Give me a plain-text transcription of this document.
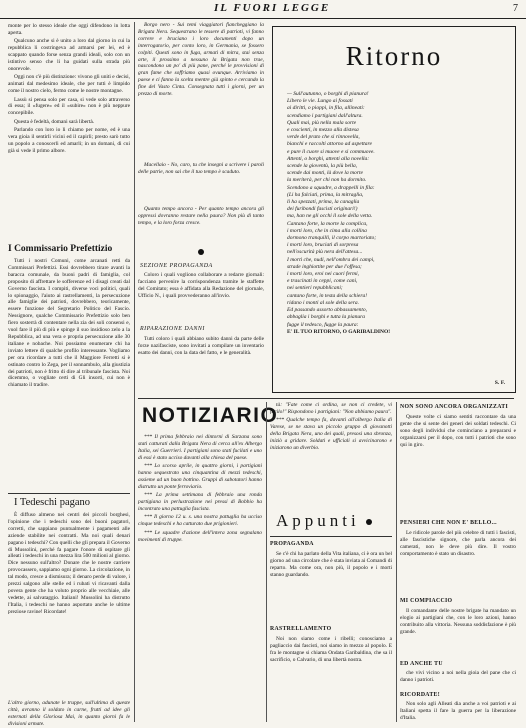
IL FUORI LEGGE	7

monte per lo stesso ideale che oggi difendono in lotta aperta.

Qualcuno anche si è unito a loro dal giorno in cui la repubblica li costringeva ad armarsi per lei, ed è scappato quando forse senza grandi ideali, solo con un istintivo senso che li ha guidati sulla strada più onorevole.

Oggi non c'è più distinzione: vivono gli uniti e decisi, animati dal medesimo ideale, che per tutti è limpido come il nostro cielo, fermo come le nostre montagne.

Lassù si pensa solo per casa, si vede solo attraverso di essa; il «fugere» ed il «subire» non è più neppure concepibile.

Questa è fedeltà, domani sarà libertà.

Parlando con loro io li chiamo per nome, ed è una vera gioia il sentirli vicini ed il capirli; presto sarò tutto un popolo a conoscerli ed amarli; in un domani, di cui già si vede il primo albore.

I Commissario Prefettizio

Tutti i nostri Comuni, come arcanati retti da Commissari Prefettizi. Essi dovrebbero tirare avanti la baracca comunale, da buoni padri di famiglia, col proposito di affrettare le sofferenze ed i disagi creati dal Governo fascista. I compiti, diverse voci politici, quali lo spionaggio, l'aiuto ai rastrellamenti, la persecuzione alle famiglie dei patrioti, dovrebbero, teoricamente, essere funzione del Segretario Politico del Fascio. Nessignore, qualche Commissario Prefettizio solo ben fiero sosterrà di contentare nella zia dei soli consensi e, vuol fare il più di più e spinge il suo insidioso zelo a la Repubblica, ad una vera e propria persecuzione alle 30 italiane e nobache. Noi possiamo enumerare chi ha inviato lettere di qualche profilo interessante. Vogliamo per ora ricordare a tutti che il Maggiore Ferretti si è ostinato contro lo Zega, per il sonnambulo, alla giustizia dei patrioti, non è fritto di dire al tribunale fascista. Noi dicemmo, o vogliate certi di Gli insorti, cui non è chiamato il tradire.

I Tedeschi pagano

È diffuso almeno nei centri dei piccoli borghesi, l'opinione che i tedeschi sono dei buoni pagatori, corretti, che sappiano puntualmente i pagamenti alle aziende stabilite nei contratti. Ma noi quali denari pagano i tedeschi? Con quelli che gli prepara il Governo di Mussolini, perché fa pagare l'onore di ospitare gli alleati i tedeschi in una mezza lira 500 milioni al giorno. Dice nessuno sull'altro? Donare che le nostre carriere provocassero, sappiamo ogni giorno. La circolazione, in tal modo, cresce a dismisura; il denaro perde di valore, i prezzi salgono alle stelle ed i rubati vi ricavanti dalla povera gente che ha voluto proprio alle vecchiaie, alle vedette, ai salvataggio. Italiani! Mussolini ha distrutto l'Italia, i tedeschi ne hanno asportato anche le ultime preziose ravine! Ricordate!

L'altro giorno, adunate le truppe, sull'ultima di queste città, avranno il soldato in carne, frutti ad idee gli esternati della Gloriosa Mai, in quanto giorni fa le divisioni armate.

Borgo nero - Sui temi viaggiatori fiancheggiano la Brigata Nera. Sequestrano le tessere di patrioti, vi fanno correre e bruciano i loro documenti dopo un interrogatorio, per conto loro, in Germania, se fossero colpiti. Questi sono in fuga, armati di mitra, stai senza arte, il prossimo a nessuno la Brigata non trae, nascondono un po' di più pane, perché le provvisioni di gran fame che soffriamo quasi ovunque. Arriviamo in paese e ci fanno la scelta mentre già spinto e cercando la fine del Vasto Cinta. Consegnata tutti i giorni, per un prezzo di morte.

Macellaio - No, caro, tu che insegni a scrivere i paroli delle patrie, non sai che il tuo tempo è scaduto.

Quanto tempo ancora - Per quanto tempo ancora gli oppressi dovranno restare nella paura? Non più di tanto tempo, e la loro forza cresce.

SEZIONE PROPAGANDA

Coloro i quali vogliono collaborare a redarre giornali: facciano pervenire la corrispondenza tramite le staffette del Comitato; essa è affidata alla Redazione del giornale, Ufficio N., i quali provvederanno all'invio.

RIPARAZIONE DANNI

Tutti coloro i quali abbiano subito danni da parte delle forze nazifasciste, sono invitati a compilare un inventario esatto dei danni, con la data del fatto, e le generalità.

Ritorno

— Sull'autunno, o borghi di pianura!

Libero le vie. Lungo ai fossati

ai diritti, o pioppi, in fila, allineati:

scendiamo i partigiani dall'altura.

Quali mai, più nella mala sorte

e coscienti, in mezzo alla distesa

verde del prato che si rinnovella,

bianchi e raccolti attorno ad aspettare

e pure il cuore si muove e si commuove.

Attenti, o borghi, attenti alla novella:

scende la gioventù, la più bella,

scende dai monti, là dove la morte

la meriterà, per chi non ha dormito.

Scendono a squadre, a drappelli in fila:

(Li ha falciati, prima, la mitraglia,

li ha spezzati, prima, la canaglia

dei furibondi fascisti originari!)

ma, han ne gli occhi il sole della vetta.

Cantano forte, la morte la complica,

i morti loro, che in cima alla collina

dormono tranquilli, il corpo martoriato;

i morti loro, bruciati di sorpresa

nell'oscurità più nera dell'attesa...

I morti che, nudi, nell'ombra dei campi,

strade inghiottite per due l'offesa;

i morti loro, eroi nei cuori fermi,

e trascinati in ceppi, come cani,

nei sentieri repubblicani;

cantano forte, in testa della schiera!

ridano i monti al sole della sera.

Ed passando assorto abbassamento,

abbaglia i borghi e tutta la pianura

fugge il tedesco, fugge la paura:

E' IL TUO RITORNO, O GARIBALDINO!

S. F.
NOTIZIARIO

*** Il prima febbraio nei dintorni di Sarzana sono stati catturati dalla Brigata Nera di cerca all'ex Albergo Italia, sei Guerrieri. I partigiani sono stati fucilati e uno di essi è stato ucciso davanti alla chiesa del paese.

*** Lo scorso aprile, in quattro giorni, i partigiani hanno sequestrato una cinquantina di mezzi tedeschi, assieme ad un buon bottino. Gruppi di sabotatori hanno distrutto un ponte ferroviario.

*** La prima settimana di febbraio una ronda partigiana in perlustrazione nei pressi di Bobbio ha incontrato una pattuglia fascista.

*** Il giorno 12 u. s. una nostra pattuglia ha ucciso cinque tedeschi e ha catturato due prigionieri.

*** Le squadre d'azione dell'intera zona segnalano movimenti di truppe.

tà: "Fate come ci ordina, se non ci credete, vi fucilo!" Rispondono i partigiani: "Non abbiamo paura".

*** Qualche tempo fa, davanti all'albergo Italia di Varese, se ne stava un piccolo gruppo di giovanotti della Brigata Nera, uno dei quali, presosi una sbronza, iniziò a gridare. Soldati e ufficiali si avvicinarono e iniziarono un diverbio.

Appunti
PROPAGANDA

Se c'è chi ha parlato della Vita italiana, ci è ora un bel giorno ad una circolare che è stata inviata ai Comandi di reparto. Ma come ora, non più, il popolo e i morti stanno guardando.

RASTRELLAMENTO

Noi non siamo come i ribelli; conosciamo a pagliaccio dai fascisti, noi siamo in mezzo al popolo. E fra le montagne si chiama Ondata Garibaldina, che sa il sacrificio, o Calvario, di una libertà nostra.

NON SONO ANCORA ORGANIZZATI

Queste volte ci siamo sentiti raccontare da una gente che si sente dei generi dei soldati tedeschi. Ci sono degli individui che cominciano a prepararsi e organizzarsi per il dopo, con tutti i patrioti che sono qui in giro.

PENSIERI CHE NON E' BELLO...

Le ridicole parole del più celebre di tutti i fascisti, alle fascistiche signore, che parla ancora dei camerati, non le deve più dire. Il vostro comportamento è stato un disastro.

MI COMPIACCIO

Il comandante delle nostre brigate ha mandato un elogio ai partigiani che, con le loro azioni, hanno contribuito alla vittoria. Nessuna soddisfazione è più grande.

ED ANCHE TU

che vivi vicino a noi nella gioia del pane che ci danno i patrioti.

RICORDATE!

Non solo agli Alleati dia anche a voi patrioti e ai Italiani spetta il fare la guerra per la liberazione d'Italia.
